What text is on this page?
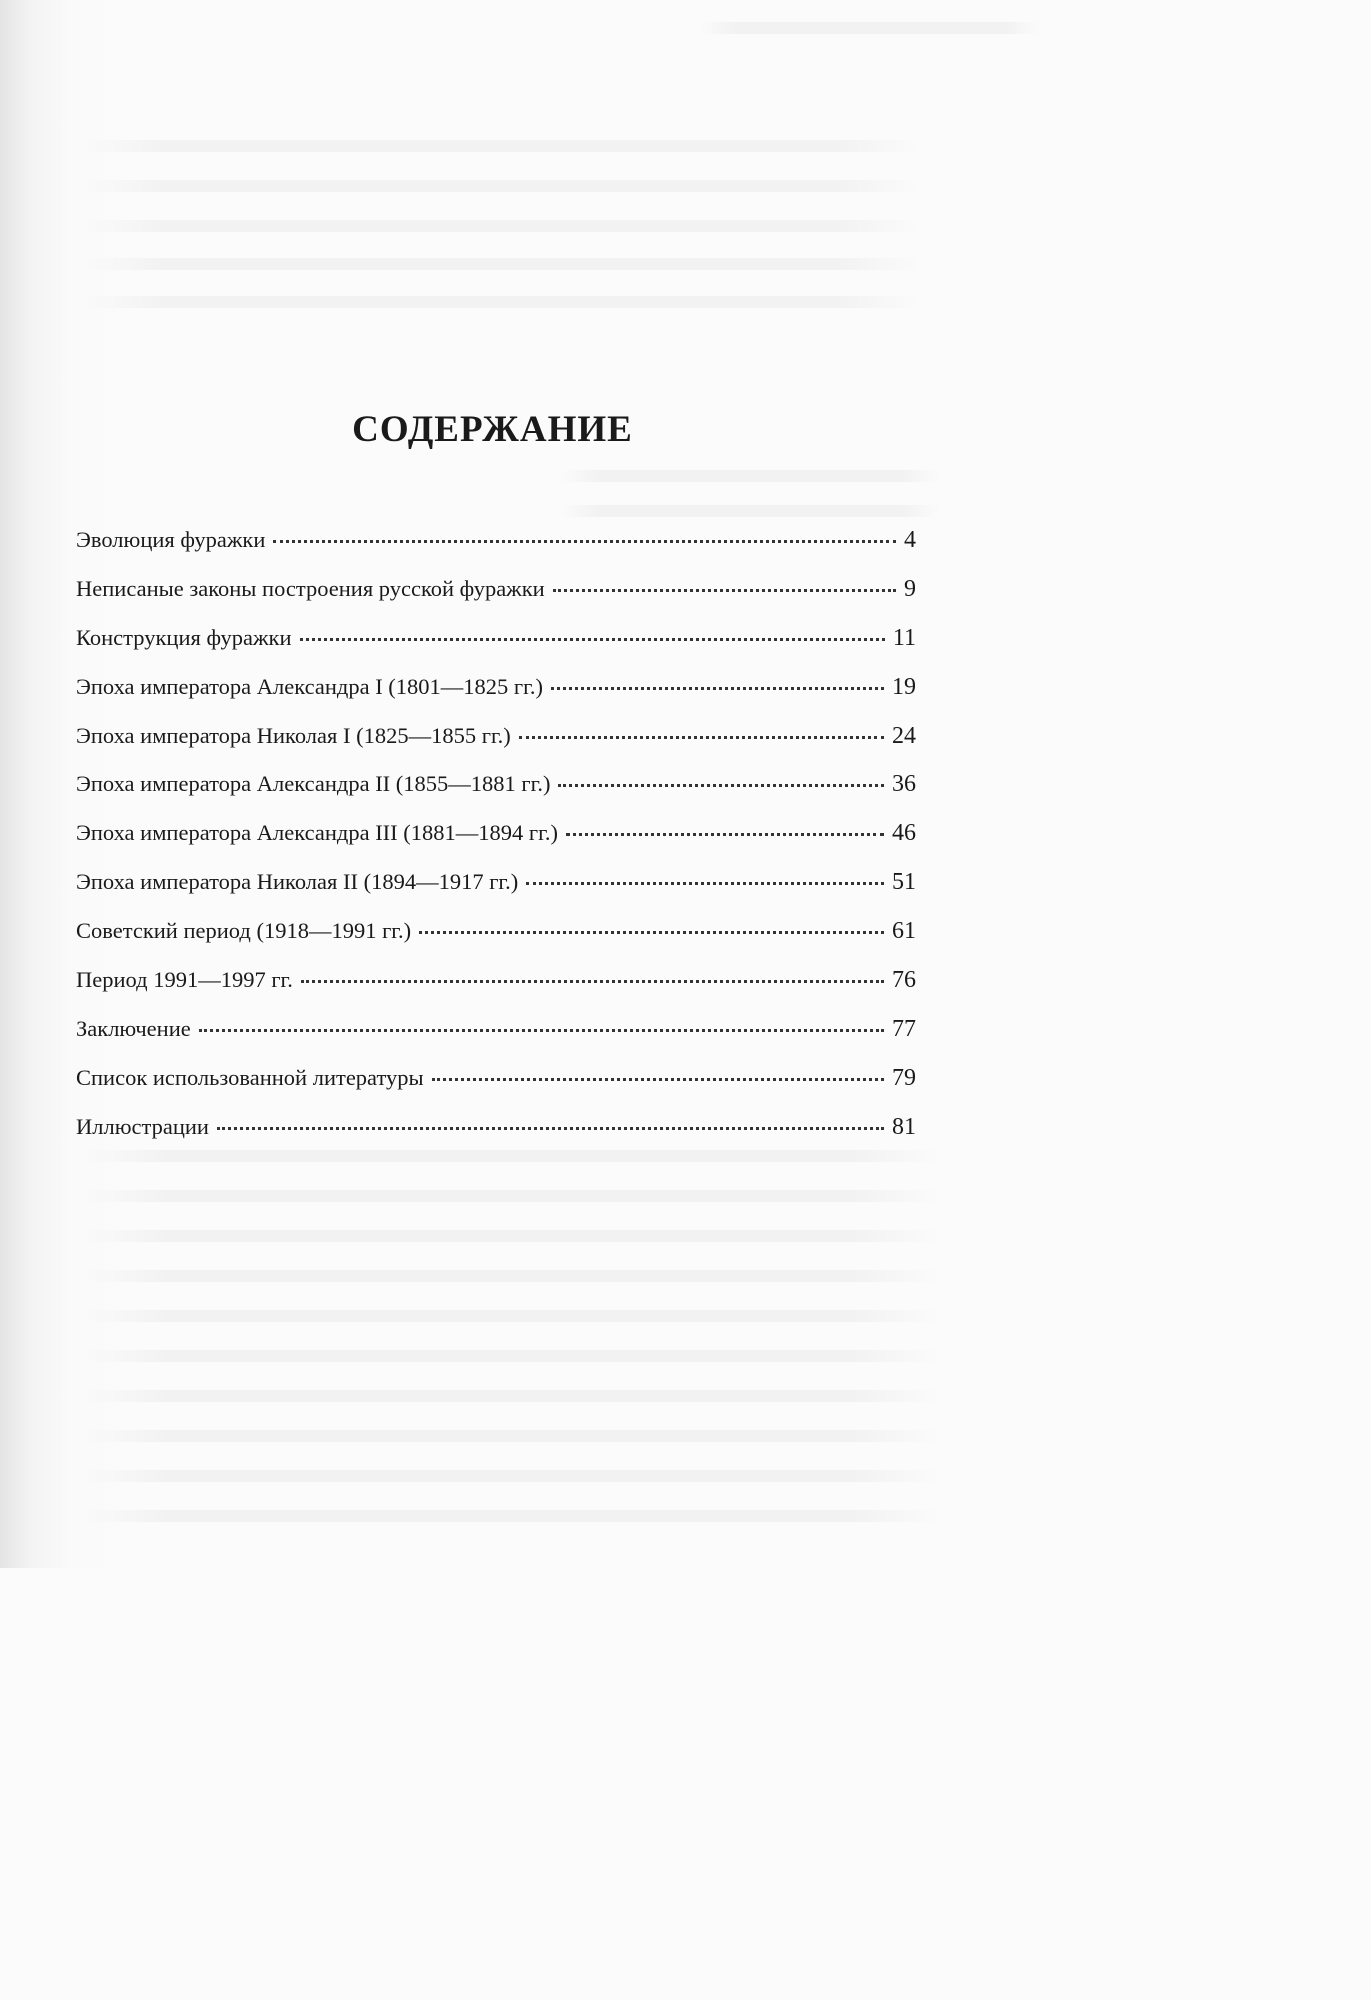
СОДЕРЖАНИЕ
Эволюция фуражки	4
Неписаные законы построения русской фуражки	9
Конструкция фуражки	11
Эпоха императора Александра I (1801—1825 гг.)	19
Эпоха императора Николая I (1825—1855 гг.)	24
Эпоха императора Александра II (1855—1881 гг.)	36
Эпоха императора Александра III (1881—1894 гг.)	46
Эпоха императора Николая II (1894—1917 гг.)	51
Советский период (1918—1991 гг.)	61
Период 1991—1997 гг.	76
Заключение	77
Список использованной литературы	79
Иллюстрации	81
